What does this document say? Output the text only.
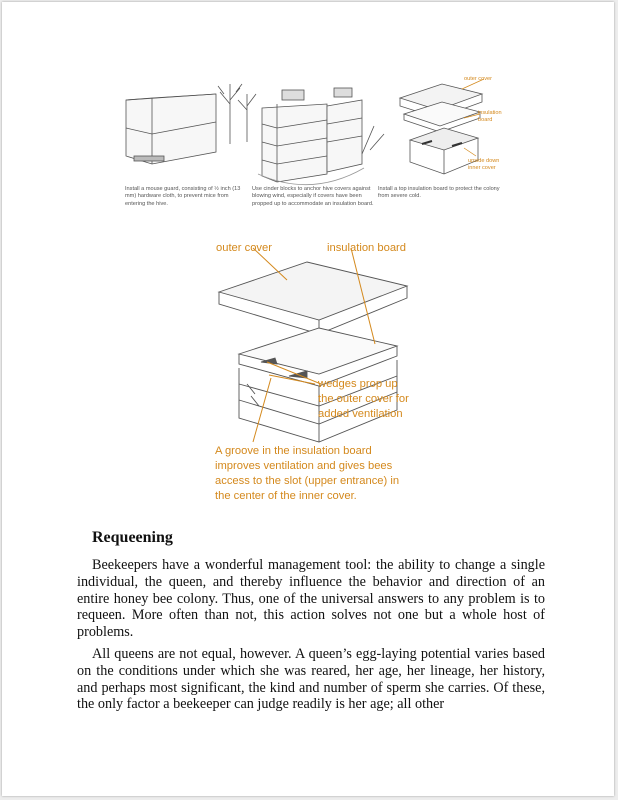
outer cover
insulation board
upside down inner cover
Install a mouse guard, consisting of ½ inch (13 mm) hardware cloth, to prevent mice from entering the hive.
Use cinder blocks to anchor hive covers against blowing wind, especially if covers have been propped up to accommodate an insulation board.
Install a top insulation board to protect the colony from severe cold.
outer cover	insulation board
wedges prop up the outer cover for added ventilation
A groove in the insulation board improves ventilation and gives bees access to the slot (upper entrance) in the center of the inner cover.
Requeening

Beekeepers have a wonderful management tool: the ability to change a single individual, the queen, and thereby influence the behavior and direction of an entire honey bee colony. Thus, one of the universal answers to any problem is to requeen. More often than not, this action solves not one but a whole host of problems.

All queens are not equal, however. A queen’s egg-laying potential varies based on the conditions under which she was reared, her age, her lineage, her history, and perhaps most significant, the kind and number of sperm she carries. Of these, the only factor a beekeeper can judge readily is her age; all other
